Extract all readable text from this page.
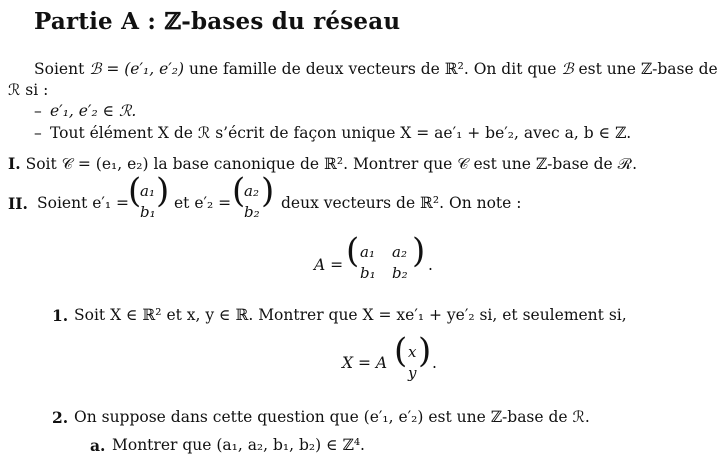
Partie A : ℤ-bases du réseau
Soient ℬ = (e′₁, e′₂) une famille de deux vecteurs de ℝ². On dit que ℬ est une ℤ-base de
ℛ si :
– e′₁, e′₂ ∈ ℛ.
– Tout élément X de ℛ s’écrit de façon unique X = ae′₁ + be′₂, avec a, b ∈ ℤ.
I. Soit 𝒞 = (e₁, e₂) la base canonique de ℝ². Montrer que 𝒞 est une ℤ-base de ℛ.
II. Soient e′₁ =
(
a₁
b₁
) et e′₂ = (
a₂
b₂
) deux vecteurs de ℝ². On note :
A = ( a₁ a₂
b₁ b₂
) .
1. Soit X ∈ ℝ² et x, y ∈ ℝ. Montrer que X = xe′₁ + ye′₂ si, et seulement si,
X = A ( x
y
) .
2. On suppose dans cette question que (e′₁, e′₂) est une ℤ-base de ℛ.
a. Montrer que (a₁, a₂, b₁, b₂) ∈ ℤ⁴.
